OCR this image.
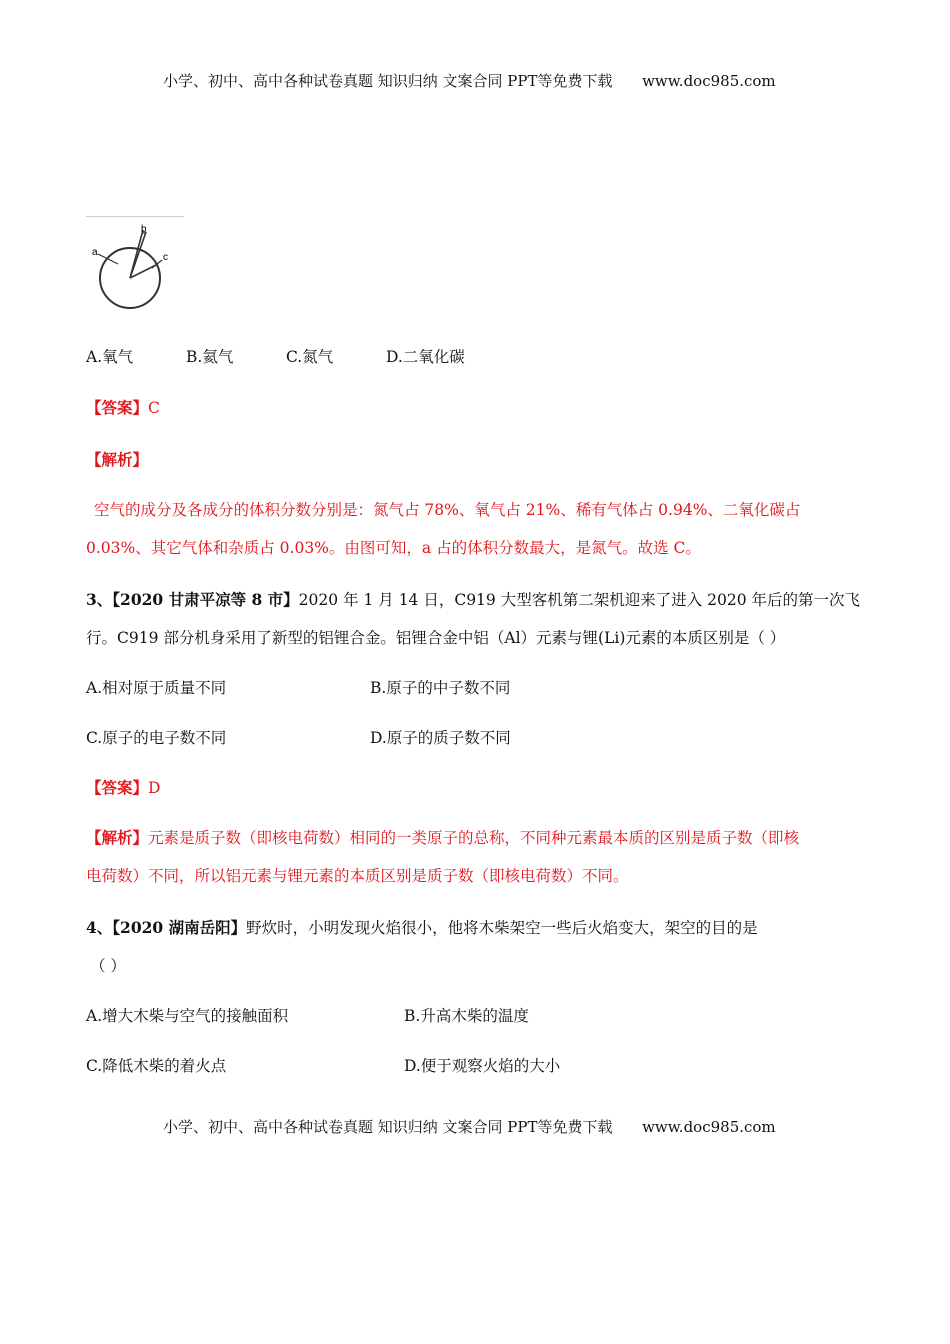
小学、初中、高中各种试卷真题 知识归纳 文案合同 PPT等免费下载 www.doc985.com
a
b
c
A.氧气	B.氦气	C.氮气	D.二氧化碳
【答案】C
【解析】
空气的成分及各成分的体积分数分别是：氮气占 78%、氧气占 21%、稀有气体占 0.94%、二氧化碳占
0.03%、其它气体和杂质占 0.03%。由图可知，a 占的体积分数最大，是氮气。故选 C。
3、【2020 甘肃平凉等 8 市】2020 年 1 月 14 日，C919 大型客机第二架机迎来了进入 2020 年后的第一次飞
行。C919 部分机身采用了新型的铝锂合金。铝锂合金中铝（Al）元素与锂(Li)元素的本质区别是（ ）
A.相对原于质量不同	B.原子的中子数不同
C.原子的电子数不同	D.原子的质子数不同
【答案】D
【解析】元素是质子数（即核电荷数）相同的一类原子的总称，不同种元素最本质的区别是质子数（即核
电荷数）不同，所以铝元素与锂元素的本质区别是质子数（即核电荷数）不同。
4、【2020 湖南岳阳】野炊时，小明发现火焰很小，他将木柴架空一些后火焰变大，架空的目的是
（ ）
A.增大木柴与空气的接触面积	B.升高木柴的温度
C.降低木柴的着火点	D.便于观察火焰的大小
小学、初中、高中各种试卷真题 知识归纳 文案合同 PPT等免费下载 www.doc985.com
